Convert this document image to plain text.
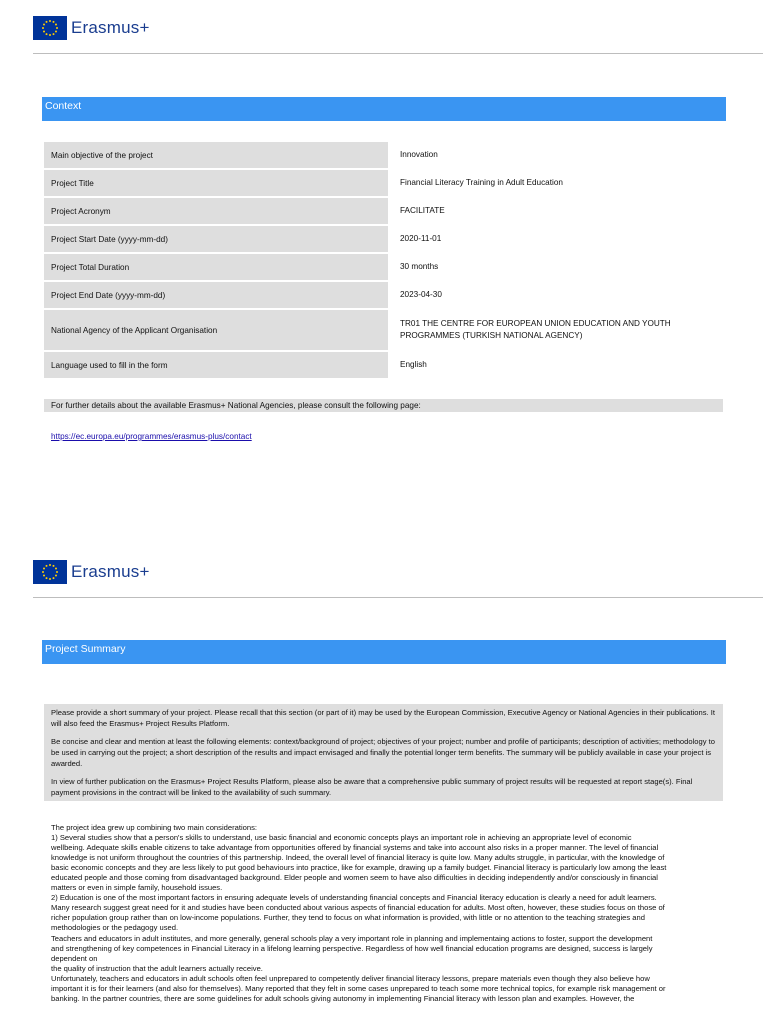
Erasmus+
Context
Main objective of the project		Innovation

Project Title		Financial Literacy Training in Adult Education

Project Acronym		FACILITATE

Project Start Date (yyyy-mm-dd)		2020-11-01

Project Total Duration		30 months

Project End Date (yyyy-mm-dd)		2023-04-30

National Agency of the Applicant Organisation		TR01 THE CENTRE FOR EUROPEAN UNION EDUCATION AND YOUTH PROGRAMMES (TURKISH NATIONAL AGENCY)

Language used to fill in the form		English
For further details about the available Erasmus+ National Agencies, please consult the following page:
https://ec.europa.eu/programmes/erasmus-plus/contact
Erasmus+
Project Summary

Please provide a short summary of your project. Please recall that this section (or part of it) may be used by the European Commission, Executive Agency or National Agencies in their publications. It will also feed the Erasmus+ Project Results Platform.

Be concise and clear and mention at least the following elements: context/background of project; objectives of your project; number and profile of participants; description of activities; methodology to be used in carrying out the project; a short description of the results and impact envisaged and finally the potential longer term benefits. The summary will be publicly available in case your project is awarded.

In view of further publication on the Erasmus+ Project Results Platform, please also be aware that a comprehensive public summary of project results will be requested at report stage(s). Final payment provisions in the contract will be linked to the availability of such summary.

The project idea grew up combining two main considerations:
1) Several studies show that a person's skills to understand, use basic financial and economic concepts plays an important role in achieving an appropriate level of economic
wellbeing. Adequate skills enable citizens to take advantage from opportunities offered by financial systems and take into account also risks in a proper manner. The level of financial
knowledge is not uniform throughout the countries of this partnership. Indeed, the overall level of financial literacy is quite low. Many adults struggle, in particular, with the knowledge of
basic economic concepts and they are less likely to put good behaviours into practice, like for example, drawing up a family budget. Financial literacy is particularly low among the least
educated people and those coming from disadvantaged background. Elder people and women seem to have also difficulties in deciding independently and/or consciously in financial
matters or even in simple family, household issues.
2) Education is one of the most important factors in ensuring adequate levels of understanding financial concepts and Financial literacy education is clearly a need for adult learners.
Many research suggest great need for it and studies have been conducted about various aspects of financial education for adults. Most often, however, these studies focus on those of
richer population group rather than on low-income populations. Further, they tend to focus on what information is provided, with little or no attention to the teaching strategies and
methodologies or the pedagogy used.
Teachers and educators in adult institutes, and more generally, general schools play a very important role in planning and implementaing actions to foster, support the development
and strengthening of key competences in Financial Literacy in a lifelong learning perspective. Regardless of how well financial education programs are designed, success is largely
dependent on
the quality of instruction that the adult learners actually receive.
Unfortunately, teachers and educators in adult schools often feel unprepared to competently deliver financial literacy lessons, prepare materials even though they also believe how
important it is for their learners (and also for themselves). Many reported that they felt in some cases unprepared to teach some more technical topics, for example risk management or
banking. In the partner countries, there are some guidelines for adult schools giving autonomy in implementing Financial literacy with lesson plan and examples. However, the
